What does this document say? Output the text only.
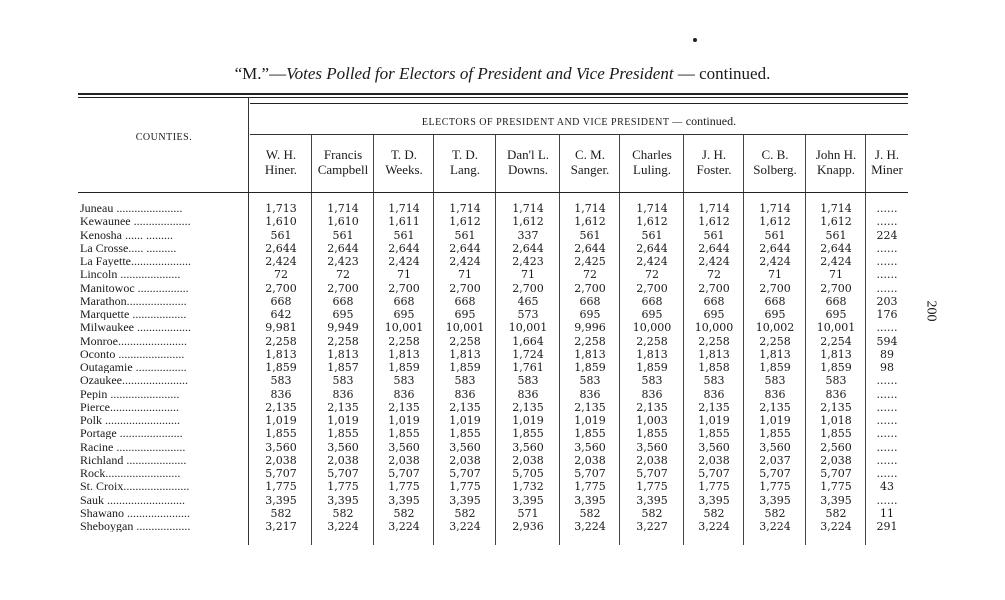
“M.”—Votes Polled for Electors of President and Vice President — continued.
COUNTIES.
ELECTORS OF PRESIDENT AND VICE PRESIDENT — continued.
W. H.
Hiner.
Francis
Campbell
T. D.
Weeks.
T. D.
Lang.
Dan'l L.
Downs.
C. M.
Sanger.
Charles
Luling.
J. H.
Foster.
C. B.
Solberg.
John H.
Knapp.
J. H.
Miner
Juneau ......................	1,713	1,714	1,714	1,714	1,714	1,714	1,714	1,714	1,714	1,714	......
Kewaunee ...................	1,610	1,610	1,611	1,612	1,612	1,612	1,612	1,612	1,612	1,612	......
Kenosha ...... .........	561	561	561	561	337	561	561	561	561	561	224
La Crosse..... ..........	2,644	2,644	2,644	2,644	2,644	2,644	2,644	2,644	2,644	2,644	......
La Fayette....................	2,424	2,423	2,424	2,424	2,423	2,425	2,424	2,424	2,424	2,424	......
Lincoln ....................	72	72	71	71	71	72	72	72	71	71	......
Manitowoc .................	2,700	2,700	2,700	2,700	2,700	2,700	2,700	2,700	2,700	2,700	......
Marathon....................	668	668	668	668	465	668	668	668	668	668	203
Marquette ..................	642	695	695	695	573	695	695	695	695	695	176
Milwaukee ..................	9,981	9,949	10,001	10,001	10,001	9,996	10,000	10,000	10,002	10,001	......
Monroe.......................	2,258	2,258	2,258	2,258	1,664	2,258	2,258	2,258	2,258	2,254	594
Oconto ......................	1,813	1,813	1,813	1,813	1,724	1,813	1,813	1,813	1,813	1,813	89
Outagamie .................	1,859	1,857	1,859	1,859	1,761	1,859	1,859	1,858	1,859	1,859	98
Ozaukee......................	583	583	583	583	583	583	583	583	583	583	......
Pepin .......................	836	836	836	836	836	836	836	836	836	836	......
Pierce.......................	2,135	2,135	2,135	2,135	2,135	2,135	2,135	2,135	2,135	2,135	......
Polk .........................	1,019	1,019	1,019	1,019	1,019	1,019	1,003	1,019	1,019	1,018	......
Portage .....................	1,855	1,855	1,855	1,855	1,855	1,855	1,855	1,855	1,855	1,855	......
Racine .......................	3,560	3,560	3,560	3,560	3,560	3,560	3,560	3,560	3,560	2,560	......
Richland ....................	2,038	2,038	2,038	2,038	2,038	2,038	2,038	2,038	2,037	2,038	......
Rock.........................	5,707	5,707	5,707	5,707	5,705	5,707	5,707	5,707	5,707	5,707	......
St. Croix......................	1,775	1,775	1,775	1,775	1,732	1,775	1,775	1,775	1,775	1,775	43
Sauk ..........................	3,395	3,395	3,395	3,395	3,395	3,395	3,395	3,395	3,395	3,395	......
Shawano .....................	582	582	582	582	571	582	582	582	582	582	11
Sheboygan ..................	3,217	3,224	3,224	3,224	2,936	3,224	3,227	3,224	3,224	3,224	291
200
